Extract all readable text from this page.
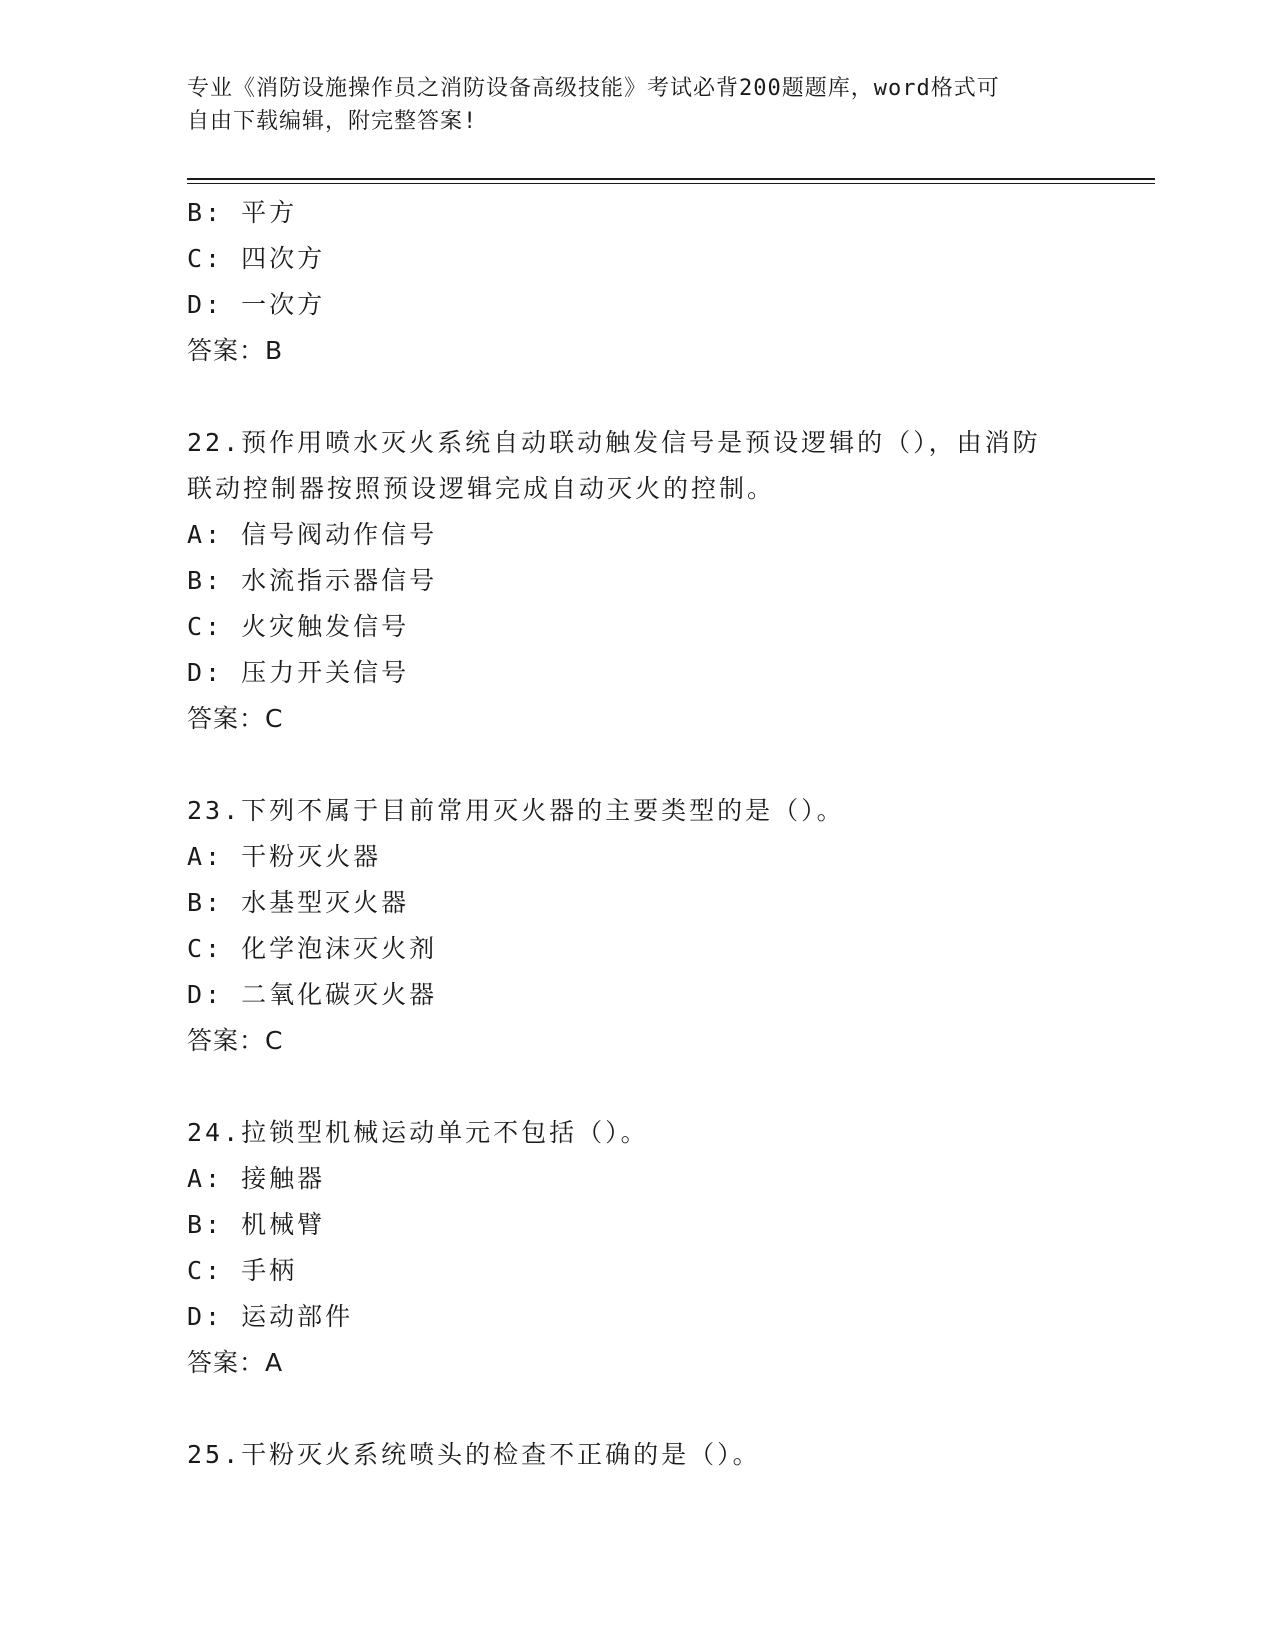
专业《消防设施操作员之消防设备高级技能》考试必背200题题库，word格式可
自由下载编辑，附完整答案!
B: 平方
C: 四次方
D: 一次方
答案：B
22.预作用喷水灭火系统自动联动触发信号是预设逻辑的（），由消防
联动控制器按照预设逻辑完成自动灭火的控制。
A: 信号阀动作信号
B: 水流指示器信号
C: 火灾触发信号
D: 压力开关信号
答案：C
23.下列不属于目前常用灭火器的主要类型的是（）。
A: 干粉灭火器
B: 水基型灭火器
C: 化学泡沫灭火剂
D: 二氧化碳灭火器
答案：C
24.拉锁型机械运动单元不包括（）。
A: 接触器
B: 机械臂
C: 手柄
D: 运动部件
答案：A
25.干粉灭火系统喷头的检查不正确的是（）。
